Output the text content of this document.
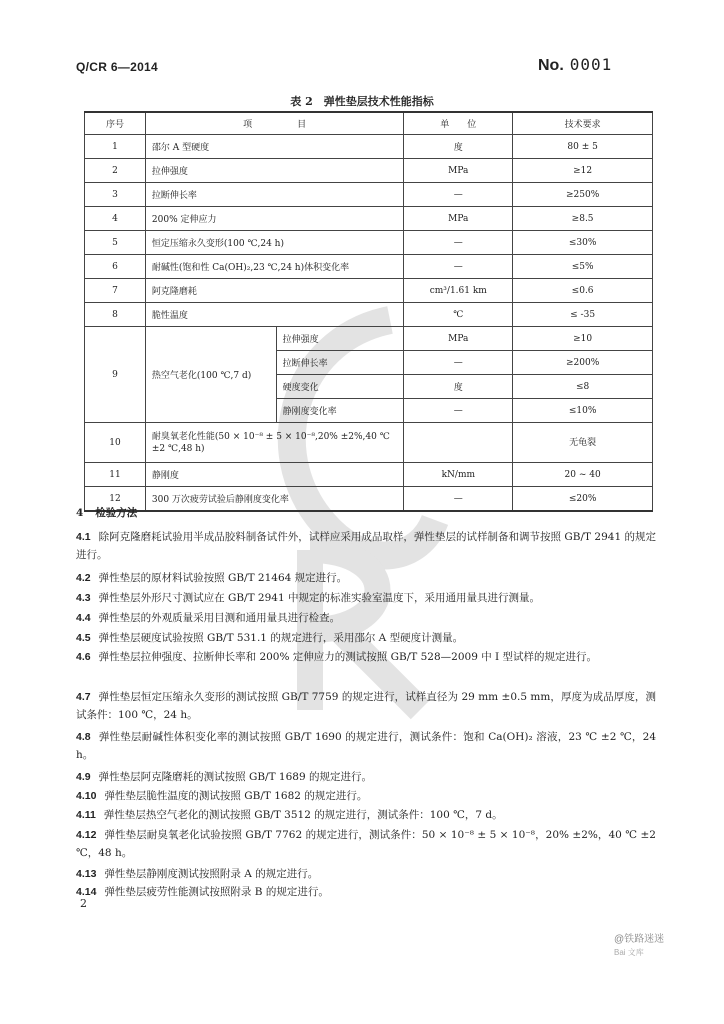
Q/CR 6—2014	No. 0001
表 2　弹性垫层技术性能指标
序号	项　　　　　目		单　　位	技术要求
1	邵尔 A 型硬度		度	80 ± 5
2	拉伸强度		MPa	≥12
3	拉断伸长率		—	≥250%
4	200% 定伸应力		MPa	≥8.5
5	恒定压缩永久变形(100 ℃,24 h)		—	≤30%
6	耐碱性(饱和性 Ca(OH)₂,23 ℃,24 h)体积变化率		—	≤5%
7	阿克隆磨耗		cm³/1.61 km	≤0.6
8	脆性温度		℃	≤ -35
9	热空气老化(100 ℃,7 d)	拉伸强度	MPa	≥10
		拉断伸长率	—	≥200%
		硬度变化	度	≤8
		静刚度变化率	—	≤10%
10	耐臭氧老化性能(50 × 10⁻⁸ ± 5 × 10⁻⁸,20% ±2%,40 ℃ ±2 ℃,48 h)			无龟裂
11	静刚度		kN/mm	20 ~ 40
12	300 万次疲劳试验后静刚度变化率		—	≤20%
4 检验方法
4.1 除阿克隆磨耗试验用半成品胶料制备试件外，试样应采用成品取样，弹性垫层的试样制备和调节按照 GB/T 2941 的规定进行。
4.2 弹性垫层的原材料试验按照 GB/T 21464 规定进行。
4.3 弹性垫层外形尺寸测试应在 GB/T 2941 中规定的标准实验室温度下，采用通用量具进行测量。
4.4 弹性垫层的外观质量采用目测和通用量具进行检查。
4.5 弹性垫层硬度试验按照 GB/T 531.1 的规定进行，采用邵尔 A 型硬度计测量。
4.6 弹性垫层拉伸强度、拉断伸长率和 200% 定伸应力的测试按照 GB/T 528—2009 中 Ⅰ 型试样的规定进行。
4.7 弹性垫层恒定压缩永久变形的测试按照 GB/T 7759 的规定进行，试样直径为 29 mm ±0.5 mm，厚度为成品厚度，测试条件：100 ℃，24 h。
4.8 弹性垫层耐碱性体积变化率的测试按照 GB/T 1690 的规定进行，测试条件：饱和 Ca(OH)₂ 溶液，23 ℃ ±2 ℃，24 h。
4.9 弹性垫层阿克隆磨耗的测试按照 GB/T 1689 的规定进行。
4.10 弹性垫层脆性温度的测试按照 GB/T 1682 的规定进行。
4.11 弹性垫层热空气老化的测试按照 GB/T 3512 的规定进行，测试条件：100 ℃，7 d。
4.12 弹性垫层耐臭氧老化试验按照 GB/T 7762 的规定进行，测试条件：50 × 10⁻⁸ ± 5 × 10⁻⁸，20% ±2%，40 ℃ ±2 ℃，48 h。
4.13 弹性垫层静刚度测试按照附录 A 的规定进行。
4.14 弹性垫层疲劳性能测试按照附录 B 的规定进行。
2
@铁路迷迷
Bai 文库
